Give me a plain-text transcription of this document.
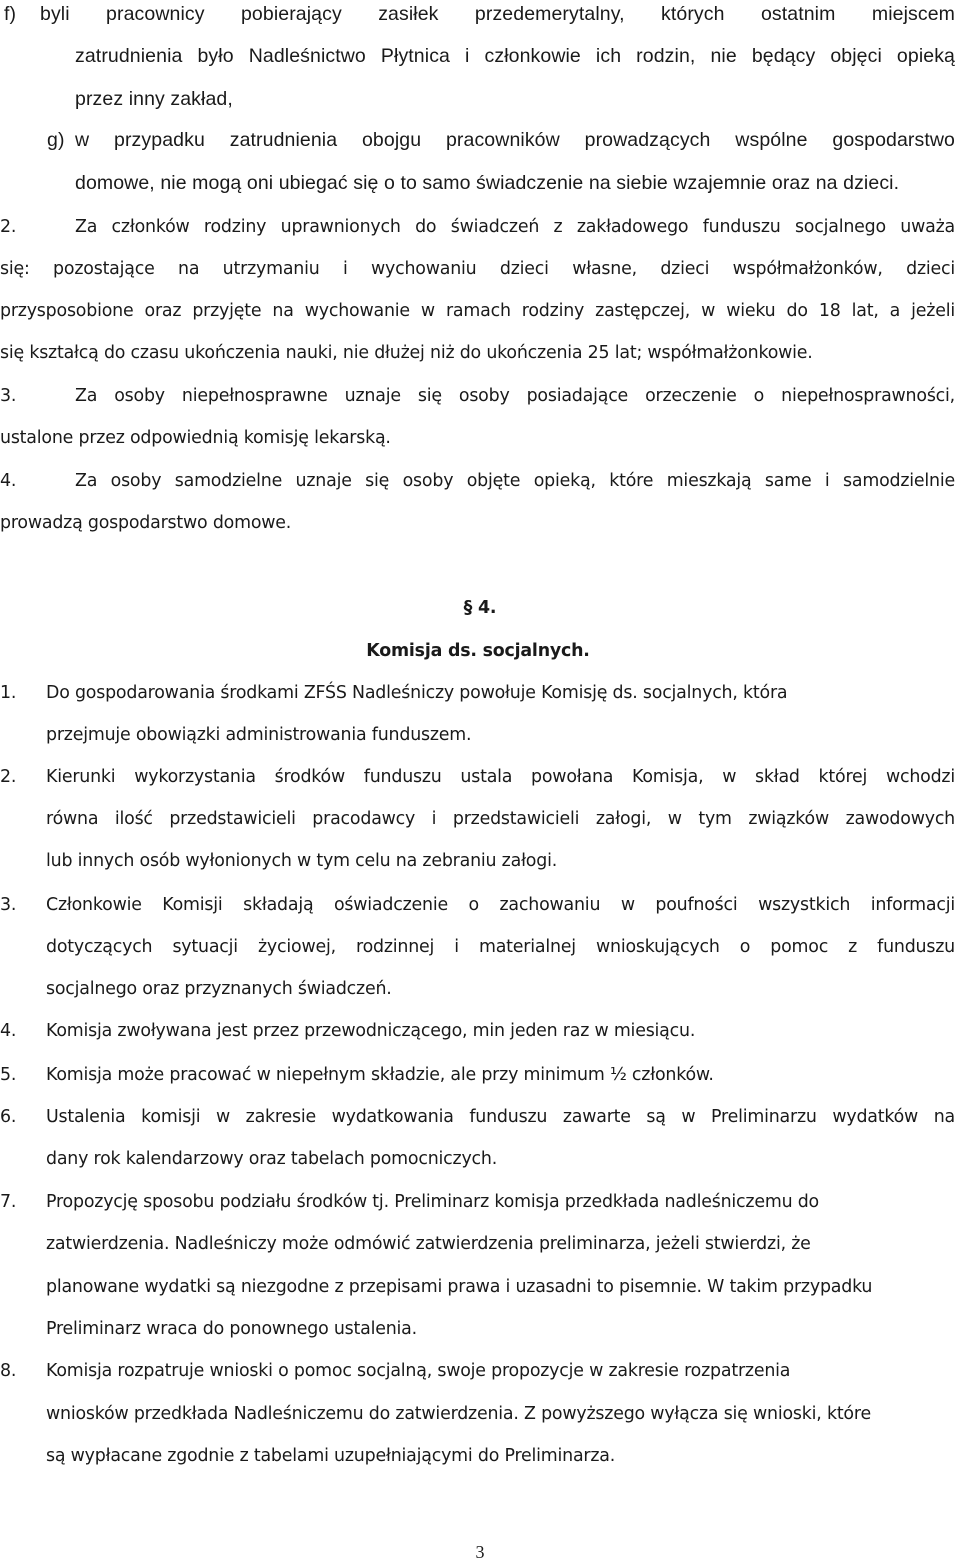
f) byli pracownicy pobierający zasiłek przedemerytalny, których ostatnim miejscem
zatrudnienia było Nadleśnictwo Płytnica i członkowie ich rodzin, nie będący objęci opieką
przez inny zakład,
g) w przypadku zatrudnienia obojgu pracowników prowadzących wspólne gospodarstwo
domowe, nie mogą oni ubiegać się o to samo świadczenie na siebie wzajemnie oraz na dzieci.
2.	Za członków rodziny uprawnionych do świadczeń z zakładowego funduszu socjalnego uważa
się: pozostające na utrzymaniu i wychowaniu dzieci własne, dzieci współmałżonków, dzieci
przysposobione oraz przyjęte na wychowanie w ramach rodziny zastępczej, w wieku do 18 lat, a jeżeli
się kształcą do czasu ukończenia nauki, nie dłużej niż do ukończenia 25 lat; współmałżonkowie.
3.	Za osoby niepełnosprawne uznaje się osoby posiadające orzeczenie o niepełnosprawności,
ustalone przez odpowiednią komisję lekarską.
4.	Za osoby samodzielne uznaje się osoby objęte opieką, które mieszkają same i samodzielnie
prowadzą gospodarstwo domowe.
§ 4.
Komisja ds. socjalnych.
1. Do gospodarowania środkami ZFŚS Nadleśniczy powołuje Komisję ds. socjalnych, która
przejmuje obowiązki administrowania funduszem.
2. Kierunki wykorzystania środków funduszu ustala powołana Komisja, w skład której wchodzi
równa ilość przedstawicieli pracodawcy i przedstawicieli załogi, w tym związków zawodowych
lub innych osób wyłonionych w tym celu na zebraniu załogi.
3. Członkowie Komisji składają oświadczenie o zachowaniu w poufności wszystkich informacji
dotyczących sytuacji życiowej, rodzinnej i materialnej wnioskujących o pomoc z funduszu
socjalnego oraz przyznanych świadczeń.
4. Komisja zwoływana jest przez przewodniczącego, min jeden raz w miesiącu.
5. Komisja może pracować w niepełnym składzie, ale przy minimum ½ członków.
6. Ustalenia komisji w zakresie wydatkowania funduszu zawarte są w Preliminarzu wydatków na
dany rok kalendarzowy oraz tabelach pomocniczych.
7. Propozycję sposobu podziału środków tj. Preliminarz komisja przedkłada nadleśniczemu do
zatwierdzenia. Nadleśniczy może odmówić zatwierdzenia preliminarza, jeżeli stwierdzi, że
planowane wydatki są niezgodne z przepisami prawa i uzasadni to pisemnie. W takim przypadku
Preliminarz wraca do ponownego ustalenia.
8. Komisja rozpatruje wnioski o pomoc socjalną, swoje propozycje w zakresie rozpatrzenia
wniosków przedkłada Nadleśniczemu do zatwierdzenia. Z powyższego wyłącza się wnioski, które
są wypłacane zgodnie z tabelami uzupełniającymi do Preliminarza.
3
